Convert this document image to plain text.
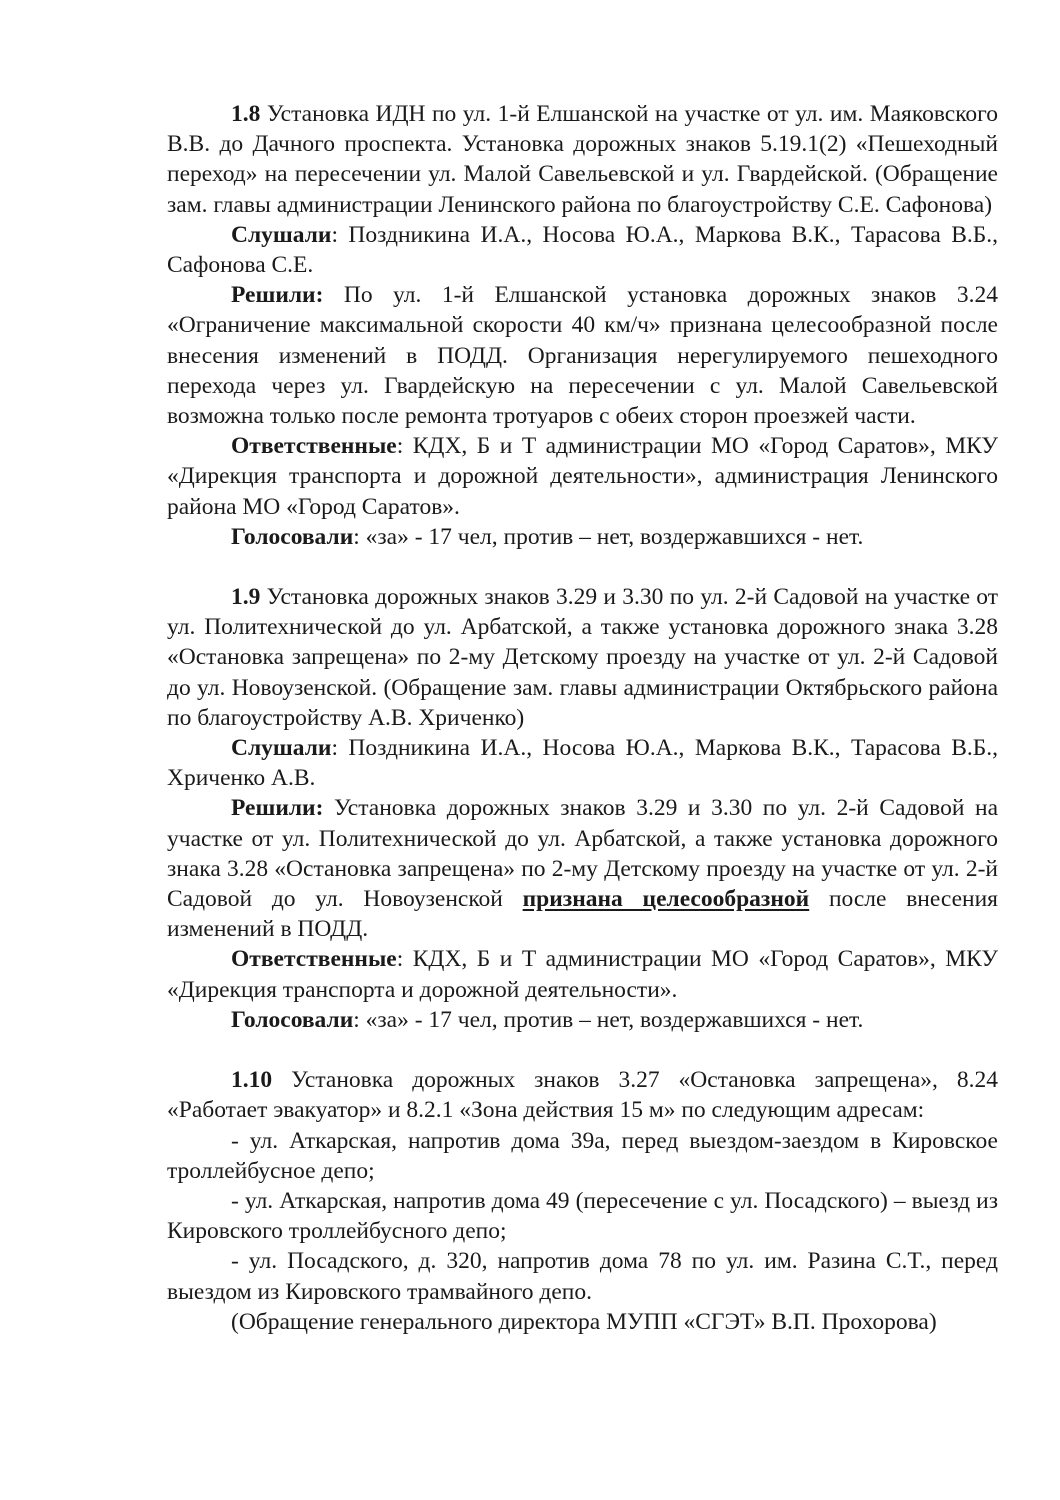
1.8 Установка ИДН по ул. 1-й Елшанской на участке от ул. им. Маяковского В.В. до Дачного проспекта. Установка дорожных знаков 5.19.1(2) «Пешеходный переход» на пересечении ул. Малой Савельевской и ул. Гвардейской. (Обращение зам. главы администрации Ленинского района по благоустройству С.Е. Сафонова)

Слушали: Поздникина И.А., Носова Ю.А., Маркова В.К., Тарасова В.Б., Сафонова С.Е.

Решили: По ул. 1-й Елшанской установка дорожных знаков 3.24 «Ограничение максимальной скорости 40 км/ч» признана целесообразной после внесения изменений в ПОДД. Организация нерегулируемого пешеходного перехода через ул. Гвардейскую на пересечении с ул. Малой Савельевской возможна только после ремонта тротуаров с обеих сторон проезжей части.

Ответственные: КДХ, Б и Т администрации МО «Город Саратов», МКУ «Дирекция транспорта и дорожной деятельности», администрация Ленинского района МО «Город Саратов».

Голосовали: «за» - 17 чел, против – нет, воздержавшихся - нет.

1.9 Установка дорожных знаков 3.29 и 3.30 по ул. 2-й Садовой на участке от ул. Политехнической до ул. Арбатской, а также установка дорожного знака 3.28 «Остановка запрещена» по 2-му Детскому проезду на участке от ул. 2-й Садовой до ул. Новоузенской. (Обращение зам. главы администрации Октябрьского района по благоустройству А.В. Хриченко)

Слушали: Поздникина И.А., Носова Ю.А., Маркова В.К., Тарасова В.Б., Хриченко А.В.

Решили: Установка дорожных знаков 3.29 и 3.30 по ул. 2-й Садовой на участке от ул. Политехнической до ул. Арбатской, а также установка дорожного знака 3.28 «Остановка запрещена» по 2-му Детскому проезду на участке от ул. 2-й Садовой до ул. Новоузенской признана целесообразной после внесения изменений в ПОДД.

Ответственные: КДХ, Б и Т администрации МО «Город Саратов», МКУ «Дирекция транспорта и дорожной деятельности».

Голосовали: «за» - 17 чел, против – нет, воздержавшихся - нет.

1.10 Установка дорожных знаков 3.27 «Остановка запрещена», 8.24 «Работает эвакуатор» и 8.2.1 «Зона действия 15 м» по следующим адресам:

- ул. Аткарская, напротив дома 39а, перед выездом-заездом в Кировское троллейбусное депо;

- ул. Аткарская, напротив дома 49 (пересечение с ул. Посадского) – выезд из Кировского троллейбусного депо;

- ул. Посадского, д. 320, напротив дома 78 по ул. им. Разина С.Т., перед выездом из Кировского трамвайного депо.

(Обращение генерального директора МУПП «СГЭТ» В.П. Прохорова)
